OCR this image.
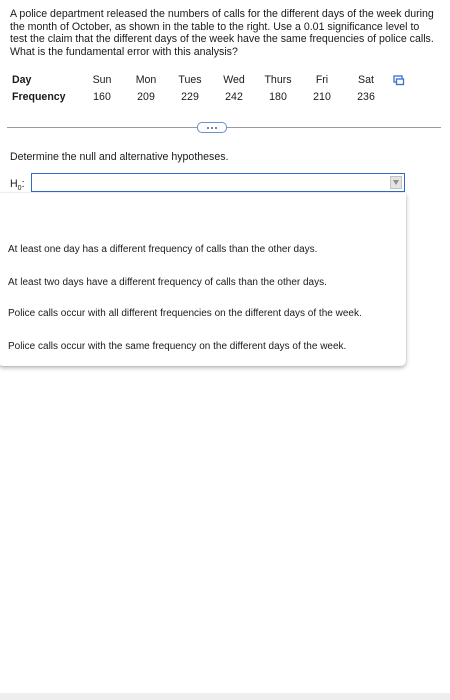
A police department released the numbers of calls for the different days of the week during the month of October, as shown in the table to the right. Use a 0.01 significance level to test the claim that the different days of the week have the same frequencies of police calls. What is the fundamental error with this analysis?

Day	Sun	Mon	Tues	Wed	Thurs	Fri	Sat
Frequency	160	209	229	242	180	210	236

Determine the null and alternative hypotheses.

$H_0$:
At least one day has a different frequency of calls than the other days.
At least two days have a different frequency of calls than the other days.
Police calls occur with all different frequencies on the different days of the week.
Police calls occur with the same frequency on the different days of the week.
